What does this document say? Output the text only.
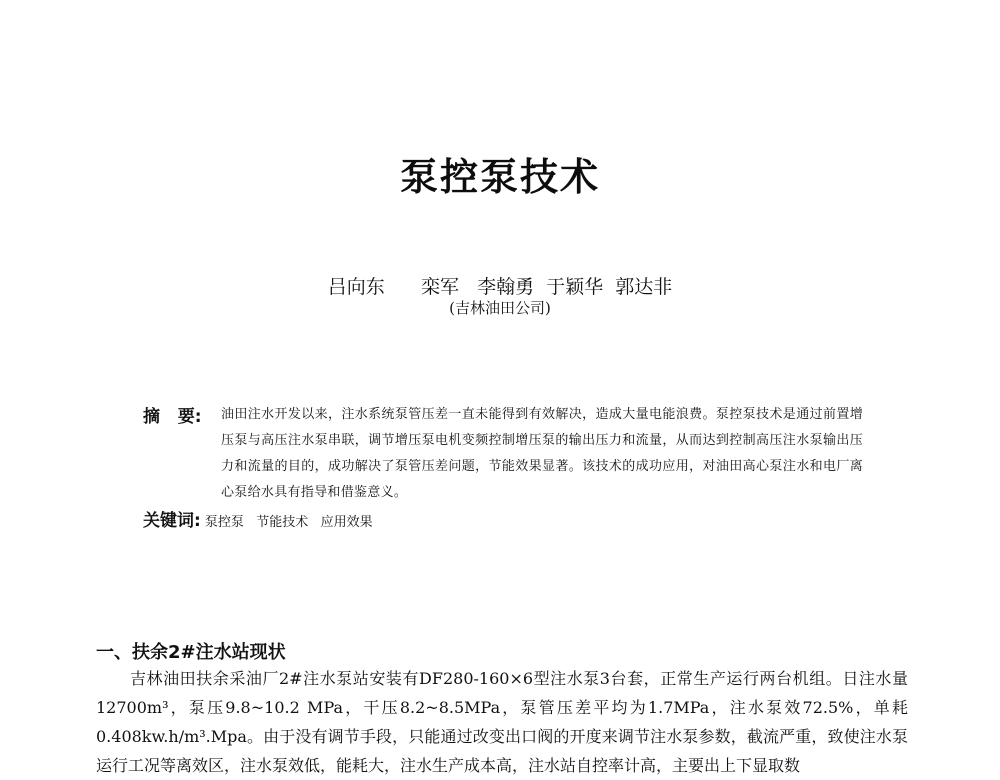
泵控泵技术
吕向东      栾军   李翰勇  于颖华  郭达非
(吉林油田公司)
摘   要: 油田注水开发以来，注水系统泵管压差一直未能得到有效解决，造成大量电能浪费。泵控泵技术是通过前置增压泵与高压注水泵串联，调节增压泵电机变频控制增压泵的输出压力和流量，从而达到控制高压注水泵输出压力和流量的目的，成功解决了泵管压差问题，节能效果显著。该技术的成功应用，对油田高心泵注水和电厂离心泵给水具有指导和借鉴意义。
关键词: 泵控泵   节能技术   应用效果
一、扶余2#注水站现状
吉林油田扶余采油厂2#注水泵站安装有DF280-160×6型注水泵3台套，正常生产运行两台机组。日注水量12700m³，泵压9.8~10.2 MPa，干压8.2~8.5MPa，泵管压差平均为1.7MPa，注水泵效72.5%，单耗0.408kw.h/m³.Mpa。由于没有调节手段，只能通过改变出口阀的开度来调节注水泵参数，截流严重，致使注水泵运行工况等离效区，注水泵效低，能耗大，注水生产成本高，注水站自控率计高，主要出上下显取数
